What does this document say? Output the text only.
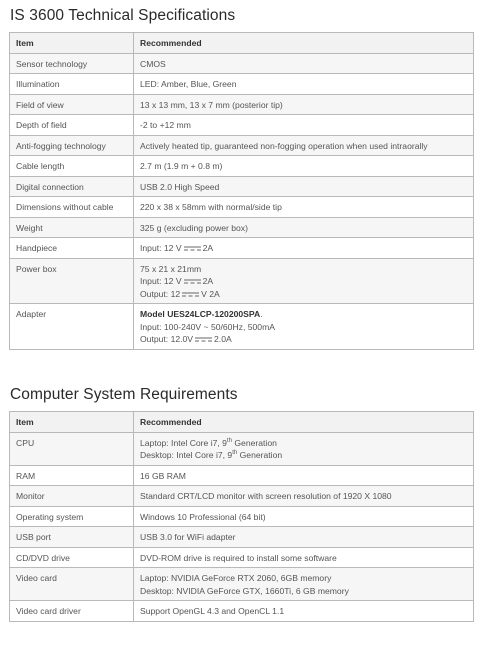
IS 3600 Technical Specifications
Item	Recommended
Sensor technology	CMOS
Illumination	LED: Amber, Blue, Green
Field of view	13 x 13 mm, 13 x 7 mm (posterior tip)
Depth of field	-2 to +12 mm
Anti-fogging technology	Actively heated tip, guaranteed non-fogging operation when used intraorally
Cable length	2.7 m (1.9 m + 0.8 m)
Digital connection	USB 2.0 High Speed
Dimensions without cable	220 x 38 x 58mm with normal/side tip
Weight	325 g (excluding power box)
Handpiece	Input: 12 V 2A
Power box	75 x 21 x 21mm
Input: 12 V 2A
Output: 12 V 2A

Adapter	Model UES24LCP-120200SPA.
Input: 100-240V ~ 50/60Hz, 500mA
Output: 12.0V 2.0A
Computer System Requirements
Item	Recommended
CPU	Laptop: Intel Core i7, 9th Generation
Desktop: Intel Core i7, 9th Generation

RAM	16 GB RAM
Monitor	Standard CRT/LCD monitor with screen resolution of 1920 X 1080
Operating system	Windows 10 Professional (64 bit)
USB port	USB 3.0 for WiFi adapter
CD/DVD drive	DVD-ROM drive is required to install some software
Video card	Laptop: NVIDIA GeForce RTX 2060, 6GB memory
Desktop: NVIDIA GeForce GTX, 1660Ti, 6 GB memory

Video card driver	Support OpenGL 4.3 and OpenCL 1.1
